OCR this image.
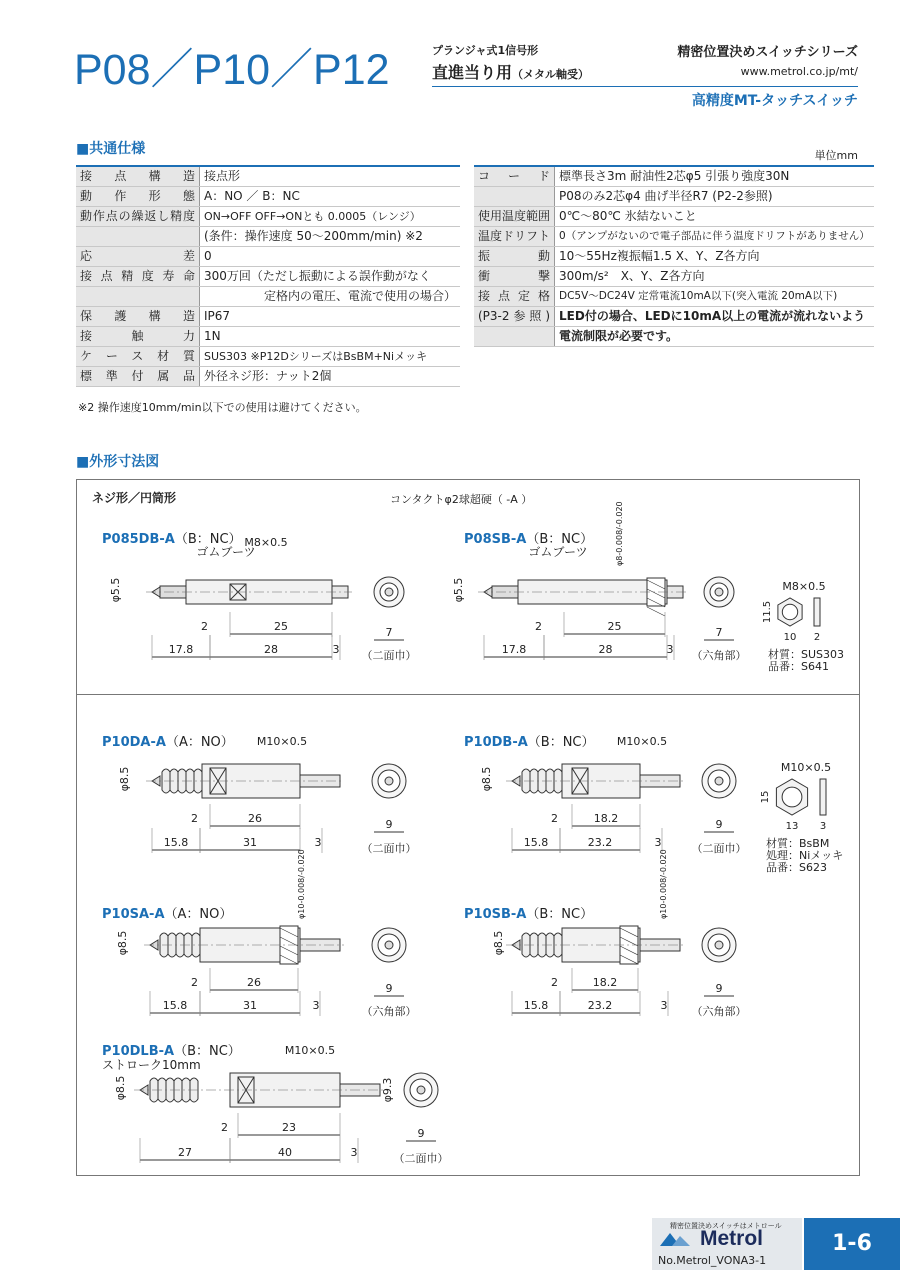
P08／P10／P12	プランジャ式1信号形
直進当り用（メタル軸受）
精密位置決めスイッチシリーズ
www.metrol.co.jp/mt/
高精度MT-タッチスイッチ
■共通仕様	単位mm
接点構造	接点形
動作形態	A：NO ／ B：NC
動作点の繰返し精度	ON→OFF OFF→ONとも 0.0005（レンジ）
	(条件：操作速度 50～200mm/min) ※2
応差	0
接点精度寿命	300万回（ただし振動による誤作動がなく
	　　　　　定格内の電圧、電流で使用の場合）
保護構造	IP67
接触力	1N
ケース材質	SUS303 ※P12DシリーズはBsBM+Niメッキ
標準付属品	外径ネジ形：ナット2個
コード	標準長さ3m 耐油性2芯φ5 引張り強度30N
	P08のみ2芯φ4 曲げ半径R7 (P2-2参照)
使用温度範囲	0℃～80℃ 氷結ないこと
温度ドリフト	0（アンプがないので電子部品に伴う温度ドリフトがありません）
振動	10～55Hz複振幅1.5 X、Y、Z各方向
衝撃	300m/s²　X、Y、Z各方向
接点定格	DC5V～DC24V 定常電流10mA以下(突入電流 20mA以下)
(P3-2参照)	LED付の場合、LEDに10mA以上の電流が流れないよう
	電流制限が必要です。
※2 操作速度10mm/min以下での使用は避けてください。
■外形寸法図
ネジ形／円筒形	コンタクトφ2球超硬（ -A ）
P085DB-A（B：NC）	P08SB-A（B：NC）
P10DA-A（A：NO）	P10DB-A（B：NC）
P10SA-A（A：NO）	P10SB-A（B：NC）
P10DLB-A（B：NC）
ストローク10mm
φ5.5
2	25
17.8	28	3
7
（二面巾）
M8×0.5
ゴムブーツ
φ5.5
2	25
17.8	28	3
7
（六角部）
ゴムブーツ	φ8-0.008/-0.020
φ8.5
2	26
15.8	31	3
9
（二面巾）
M10×0.5
φ8.5
2	18.2
15.8	23.2	3
9
（二面巾）
M10×0.5
φ8.5
2	26
15.8	31	3
9
（六角部）
φ10-0.008/-0.020
φ8.5
2	18.2
15.8	23.2	3
9
（六角部）
φ10-0.008/-0.020
φ8.5
2	23
27	40	3
9
（二面巾）
M10×0.5
φ9.3
M8×0.5
11.5
10 2
材質：SUS303
品番：S641
M10×0.5
15
13 3
材質：BsBM
処理：Niメッキ
品番：S623
精密位置決めスイッチはメトロール
Metrol
No.Metrol_VONA3-1
1-6
